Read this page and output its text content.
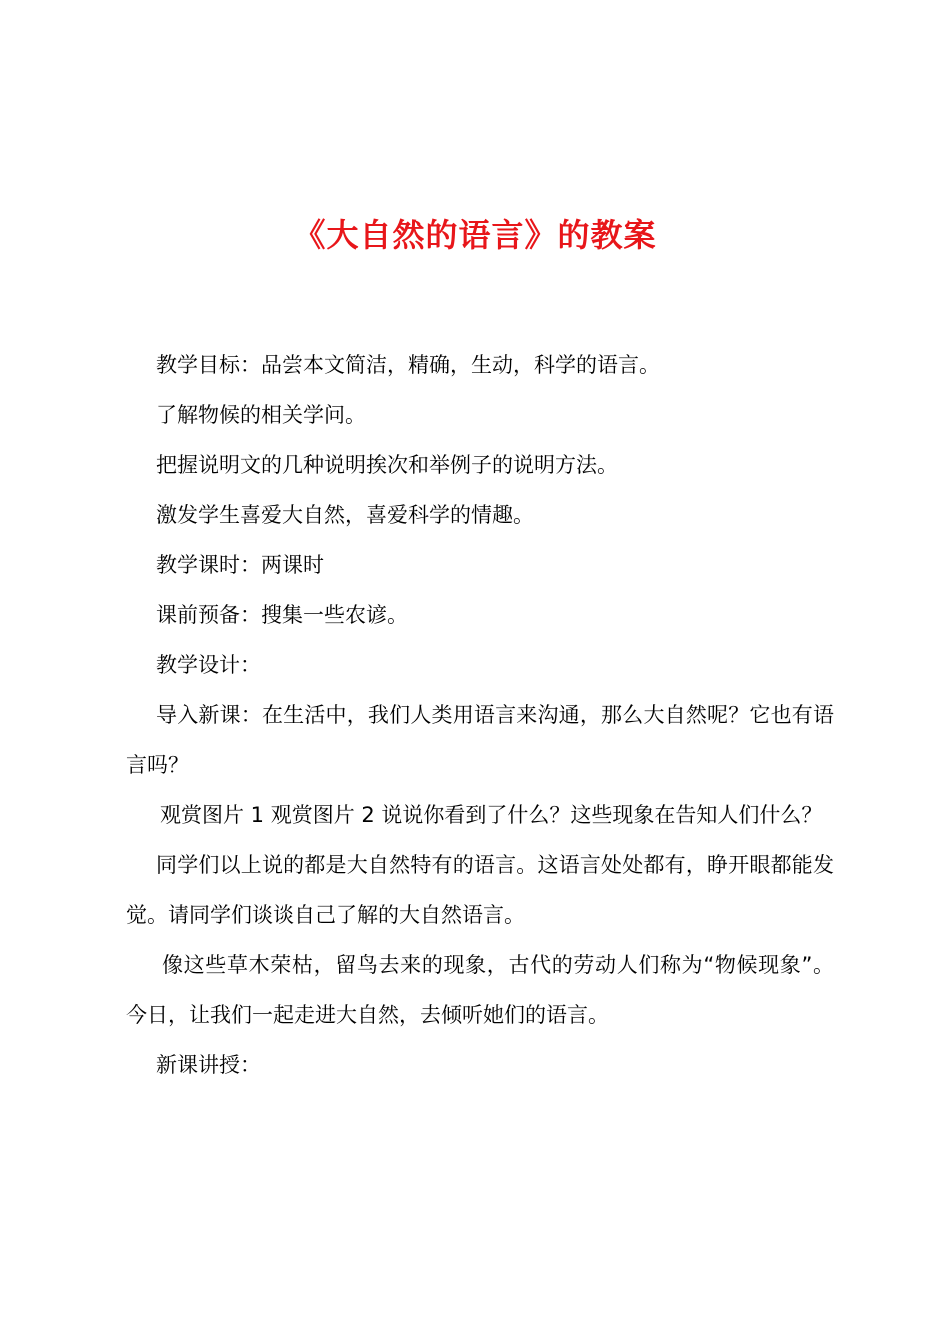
《大自然的语言》的教案

教学目标：品尝本文简洁，精确，生动，科学的语言。

了解物候的相关学问。

把握说明文的几种说明挨次和举例子的说明方法。

激发学生喜爱大自然，喜爱科学的情趣。

教学课时：两课时

课前预备：搜集一些农谚。

教学设计：

导入新课：在生活中，我们人类用语言来沟通，那么大自然呢？它也有语言吗？

观赏图片 1 观赏图片 2 说说你看到了什么？这些现象在告知人们什么？

同学们以上说的都是大自然特有的语言。这语言处处都有，睁开眼都能发觉。请同学们谈谈自己了解的大自然语言。

像这些草木荣枯，留鸟去来的现象，古代的劳动人们称为“物候现象”。今日，让我们一起走进大自然，去倾听她们的语言。

新课讲授：
